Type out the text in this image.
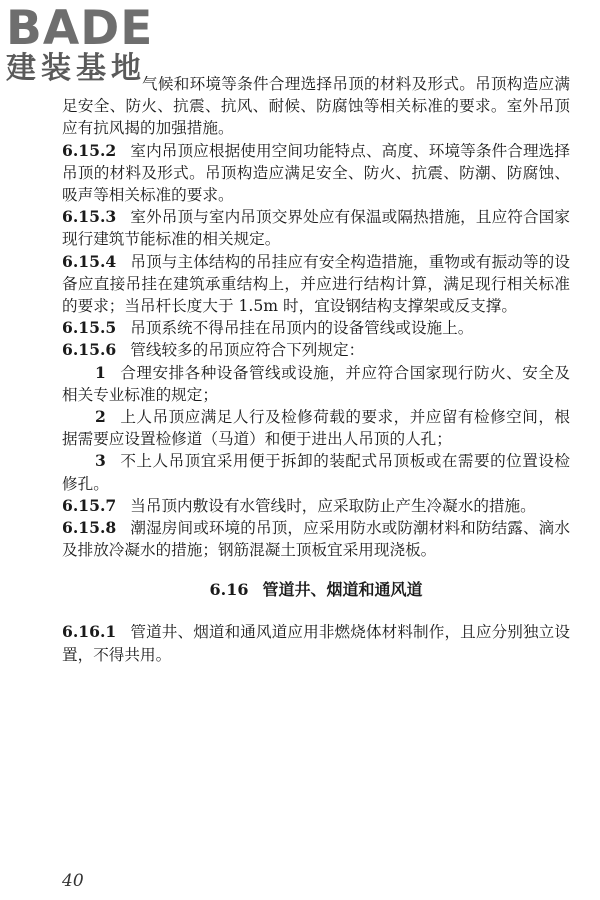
BADE
建装基地

气候和环境等条件合理选择吊顶的材料及形式。吊顶构造应满足安全、防火、抗震、抗风、耐候、防腐蚀等相关标准的要求。室外吊顶应有抗风揭的加强措施。

6.15.2 室内吊顶应根据使用空间功能特点、高度、环境等条件合理选择吊顶的材料及形式。吊顶构造应满足安全、防火、抗震、防潮、防腐蚀、吸声等相关标准的要求。

6.15.3 室外吊顶与室内吊顶交界处应有保温或隔热措施，且应符合国家现行建筑节能标准的相关规定。

6.15.4 吊顶与主体结构的吊挂应有安全构造措施，重物或有振动等的设备应直接吊挂在建筑承重结构上，并应进行结构计算，满足现行相关标准的要求；当吊杆长度大于 1.5m 时，宜设钢结构支撑架或反支撑。

6.15.5 吊顶系统不得吊挂在吊顶内的设备管线或设施上。

6.15.6 管线较多的吊顶应符合下列规定：

1 合理安排各种设备管线或设施，并应符合国家现行防火、安全及相关专业标准的规定；

2 上人吊顶应满足人行及检修荷载的要求，并应留有检修空间，根据需要应设置检修道（马道）和便于进出人吊顶的人孔；

3 不上人吊顶宜采用便于拆卸的装配式吊顶板或在需要的位置设检修孔。

6.15.7 当吊顶内敷设有水管线时，应采取防止产生冷凝水的措施。

6.15.8 潮湿房间或环境的吊顶，应采用防水或防潮材料和防结露、滴水及排放冷凝水的措施；钢筋混凝土顶板宜采用现浇板。

6.16 管道井、烟道和通风道

6.16.1 管道井、烟道和通风道应用非燃烧体材料制作，且应分别独立设置，不得共用。

40
